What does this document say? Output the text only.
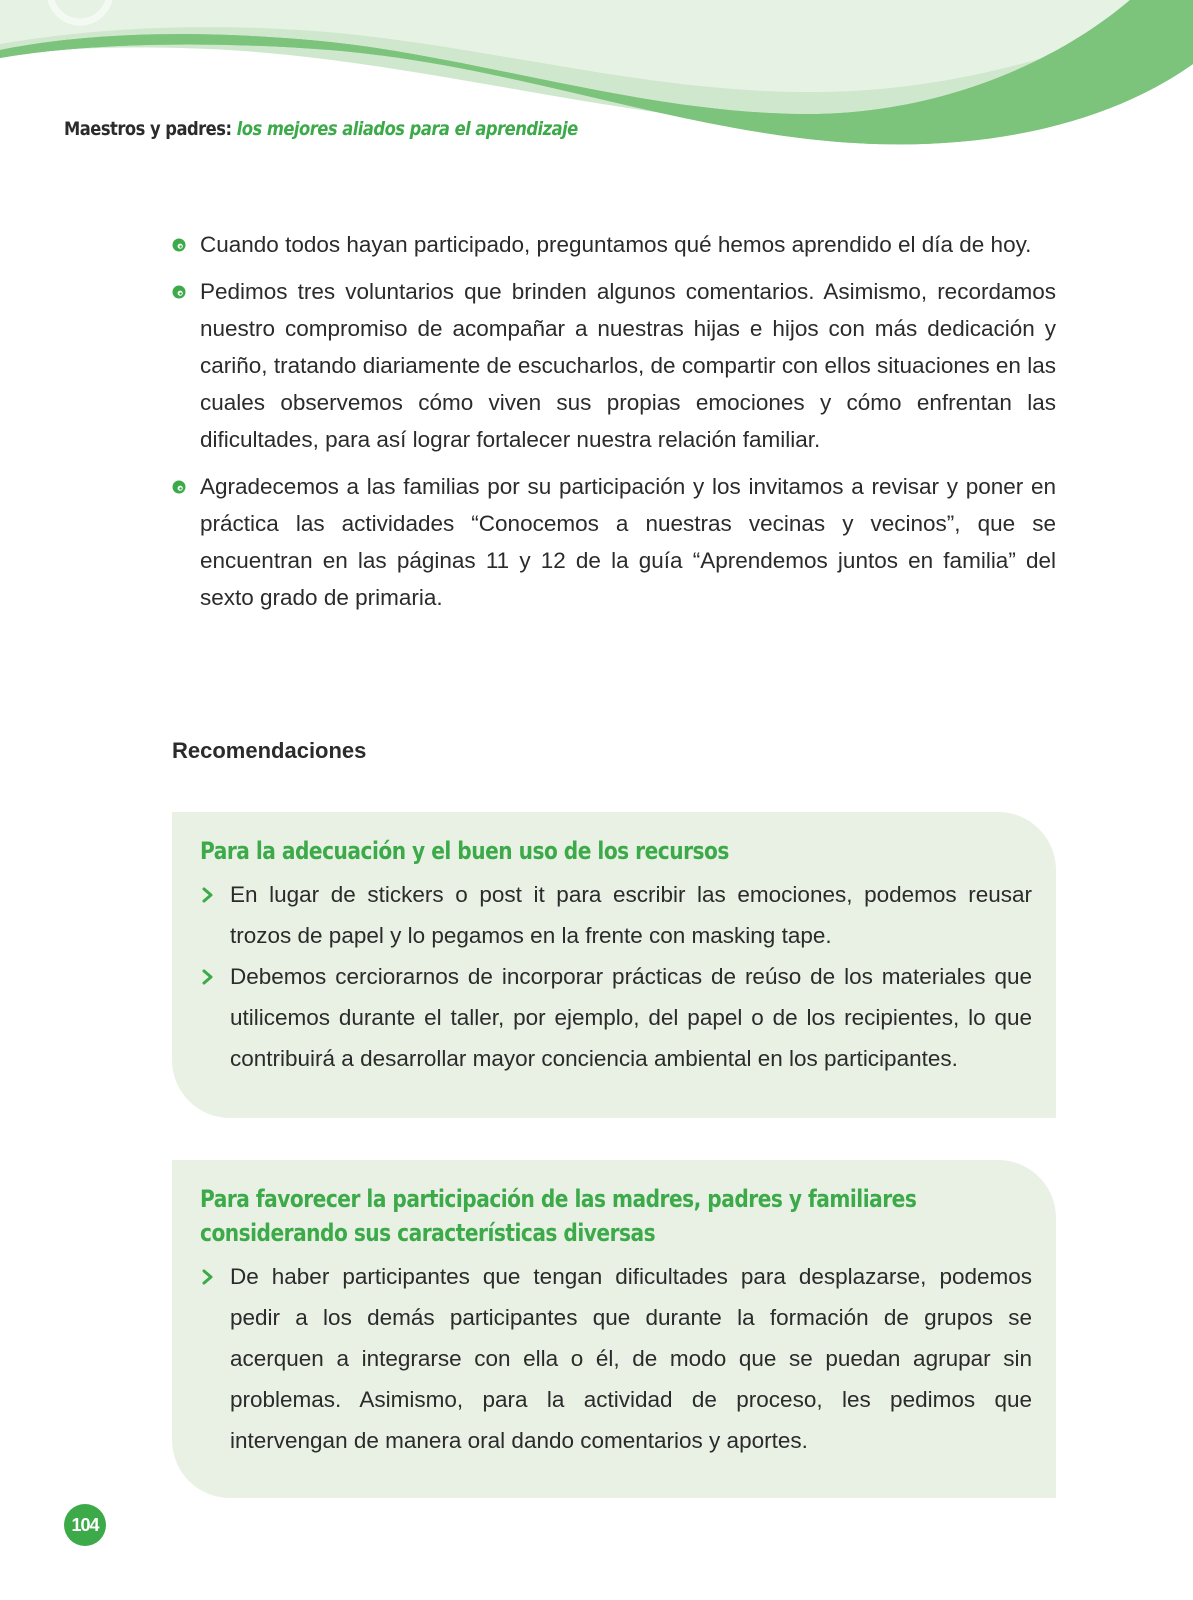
Maestros y padres: los mejores aliados para el aprendizaje
Cuando todos hayan participado, preguntamos qué hemos aprendido el día de hoy.
Pedimos tres voluntarios que brinden algunos comentarios. Asimismo, recordamos nuestro compromiso de acompañar a nuestras hijas e hijos con más dedicación y cariño, tratando diariamente de escucharlos, de compartir con ellos situaciones en las cuales observemos cómo viven sus propias emociones y cómo enfrentan las dificultades, para así lograr fortalecer nuestra relación familiar.
Agradecemos a las familias por su participación y los invitamos a revisar y poner en práctica las actividades “Conocemos a nuestras vecinas y vecinos”, que se encuentran en las páginas 11 y 12 de la guía “Aprendemos juntos en familia” del sexto grado de primaria.
Recomendaciones
Para la adecuación y el buen uso de los recursos
En lugar de stickers o post it para escribir las emociones, podemos reusar trozos de papel y lo pegamos en la frente con masking tape.
Debemos cerciorarnos de incorporar prácticas de reúso de los materiales que utilicemos durante el taller, por ejemplo, del papel o de los recipientes, lo que contribuirá a desarrollar mayor conciencia ambiental en los participantes.
Para favorecer la participación de las madres, padres y familiares considerando sus características diversas
De haber participantes que tengan dificultades para desplazarse, podemos pedir a los demás participantes que durante la formación de grupos se acerquen a integrarse con ella o él, de modo que se puedan agrupar sin problemas. Asimismo, para la actividad de proceso, les pedimos que intervengan de manera oral dando comentarios y aportes.
104
